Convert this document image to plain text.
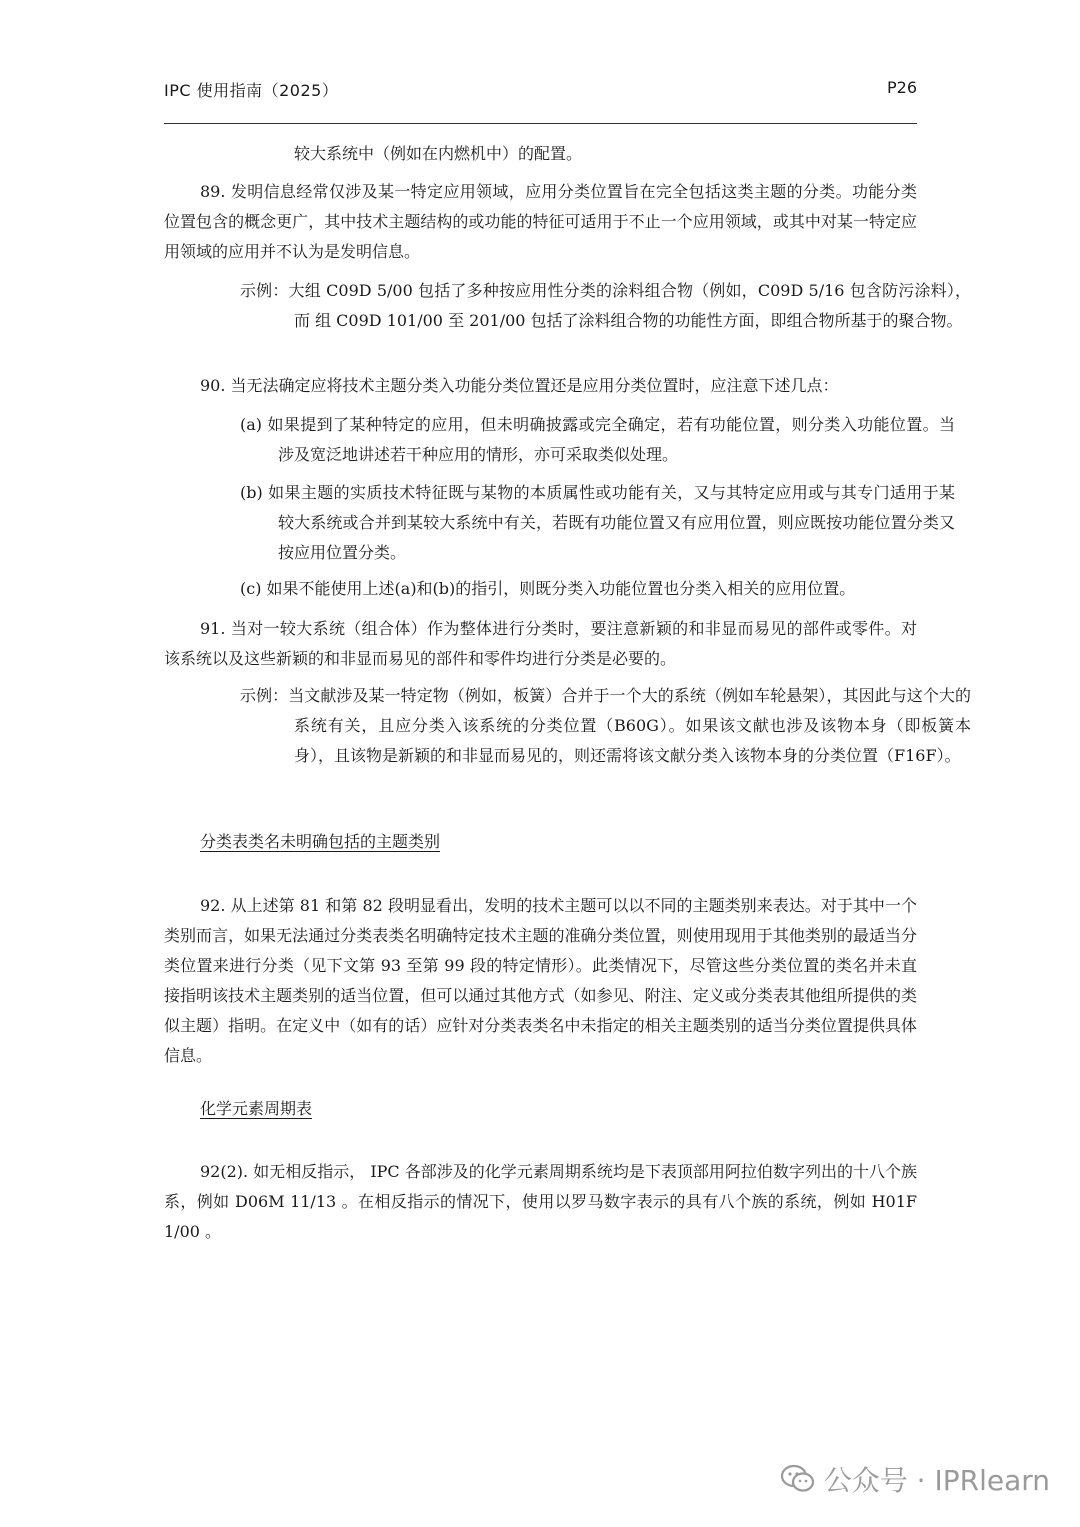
IPC 使用指南（2025）	P26

较大系统中（例如在内燃机中）的配置。

89. 发明信息经常仅涉及某一特定应用领域，应用分类位置旨在完全包括这类主题的分类。功能分类位置包含的概念更广，其中技术主题结构的或功能的特征可适用于不止一个应用领域，或其中对某一特定应用领域的应用并不认为是发明信息。

示例：大组 C09D 5/00 包括了多种按应用性分类的涂料组合物（例如，C09D 5/16 包含防污涂料），而 组 C09D 101/00 至 201/00 包括了涂料组合物的功能性方面，即组合物所基于的聚合物。

90. 当无法确定应将技术主题分类入功能分类位置还是应用分类位置时，应注意下述几点：

(a) 如果提到了某种特定的应用，但未明确披露或完全确定，若有功能位置，则分类入功能位置。当涉及宽泛地讲述若干种应用的情形，亦可采取类似处理。

(b) 如果主题的实质技术特征既与某物的本质属性或功能有关，又与其特定应用或与其专门适用于某较大系统或合并到某较大系统中有关，若既有功能位置又有应用位置，则应既按功能位置分类又按应用位置分类。

(c) 如果不能使用上述(a)和(b)的指引，则既分类入功能位置也分类入相关的应用位置。

91. 当对一较大系统（组合体）作为整体进行分类时，要注意新颖的和非显而易见的部件或零件。对该系统以及这些新颖的和非显而易见的部件和零件均进行分类是必要的。

示例：当文献涉及某一特定物（例如，板簧）合并于一个大的系统（例如车轮悬架），其因此与这个大的系统有关，且应分类入该系统的分类位置（B60G）。如果该文献也涉及该物本身（即板簧本身），且该物是新颖的和非显而易见的，则还需将该文献分类入该物本身的分类位置（F16F）。

分类表类名未明确包括的主题类别

92. 从上述第 81 和第 82 段明显看出，发明的技术主题可以以不同的主题类别来表达。对于其中一个类别而言，如果无法通过分类表类名明确特定技术主题的准确分类位置，则使用现用于其他类别的最适当分类位置来进行分类（见下文第 93 至第 99 段的特定情形）。此类情况下，尽管这些分类位置的类名并未直接指明该技术主题类别的适当位置，但可以通过其他方式（如参见、附注、定义或分类表其他组所提供的类似主题）指明。在定义中（如有的话）应针对分类表类名中未指定的相关主题类别的适当分类位置提供具体信息。

化学元素周期表

92(2). 如无相反指示， IPC 各部涉及的化学元素周期系统均是下表顶部用阿拉伯数字列出的十八个族系，例如 D06M 11/13 。在相反指示的情况下，使用以罗马数字表示的具有八个族的系统，例如 H01F 1/00 。

公众号 · IPRlearn
